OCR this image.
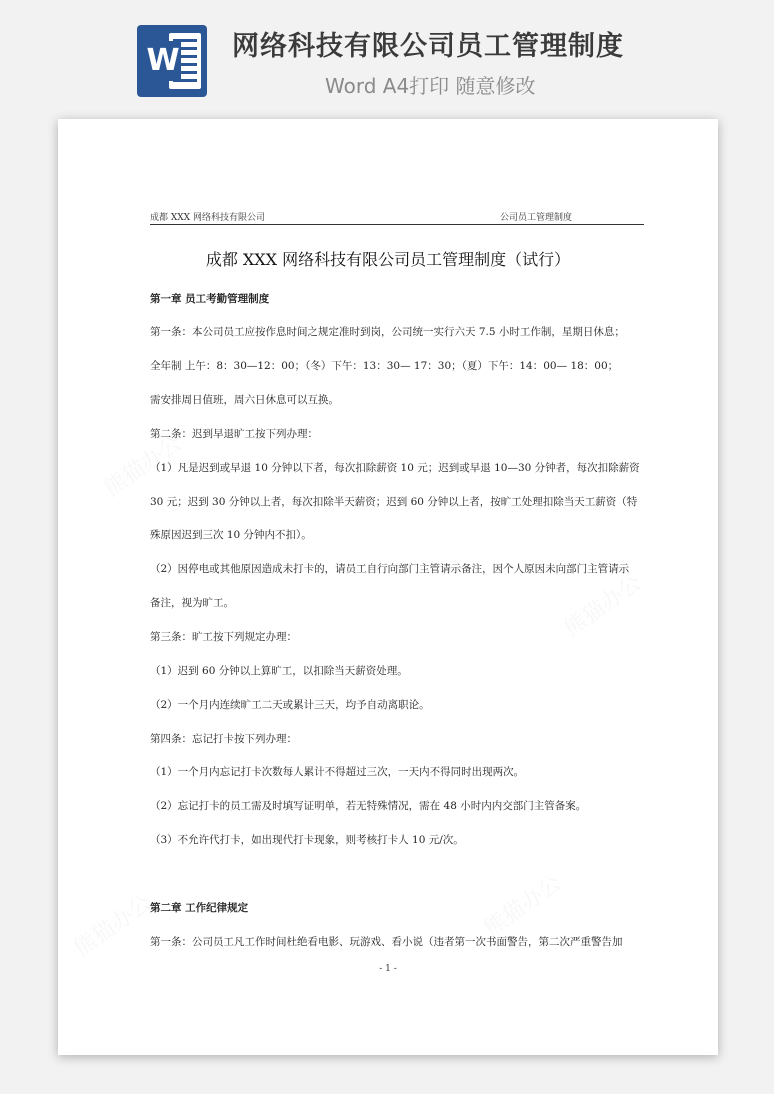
W 网络科技有限公司员工管理制度
Word A4打印 随意修改
成都 XXX 网络科技有限公司	公司员工管理制度
成都 XXX 网络科技有限公司员工管理制度（试行）
第一章 员工考勤管理制度
第一条：本公司员工应按作息时间之规定准时到岗，公司统一实行六天 7.5 小时工作制，星期日休息；
全年制 上午：8：30—12：00；（冬）下午：13：30— 17：30；（夏）下午：14：00— 18：00；
需安排周日值班，周六日休息可以互换。
第二条：迟到早退旷工按下列办理：
（1）凡是迟到或早退 10 分钟以下者，每次扣除薪资 10 元；迟到或早退 10—30 分钟者，每次扣除薪资
30 元；迟到 30 分钟以上者，每次扣除半天薪资；迟到 60 分钟以上者，按旷工处理扣除当天工薪资（特
殊原因迟到三次 10 分钟内不扣）。
（2）因停电或其他原因造成未打卡的，请员工自行向部门主管请示备注，因个人原因未向部门主管请示
备注，视为旷工。
第三条：旷工按下列规定办理：
（1）迟到 60 分钟以上算旷工，以扣除当天薪资处理。
（2）一个月内连续旷工二天或累计三天，均予自动离职论。
第四条：忘记打卡按下列办理：
（1）一个月内忘记打卡次数每人累计不得超过三次，一天内不得同时出现两次。
（2）忘记打卡的员工需及时填写证明单，若无特殊情况，需在 48 小时内内交部门主管备案。
（3）不允许代打卡，如出现代打卡现象，则考核打卡人 10 元/次。
第二章 工作纪律规定
第一条：公司员工凡工作时间杜绝看电影、玩游戏、看小说（违者第一次书面警告，第二次严重警告加
- 1 -
